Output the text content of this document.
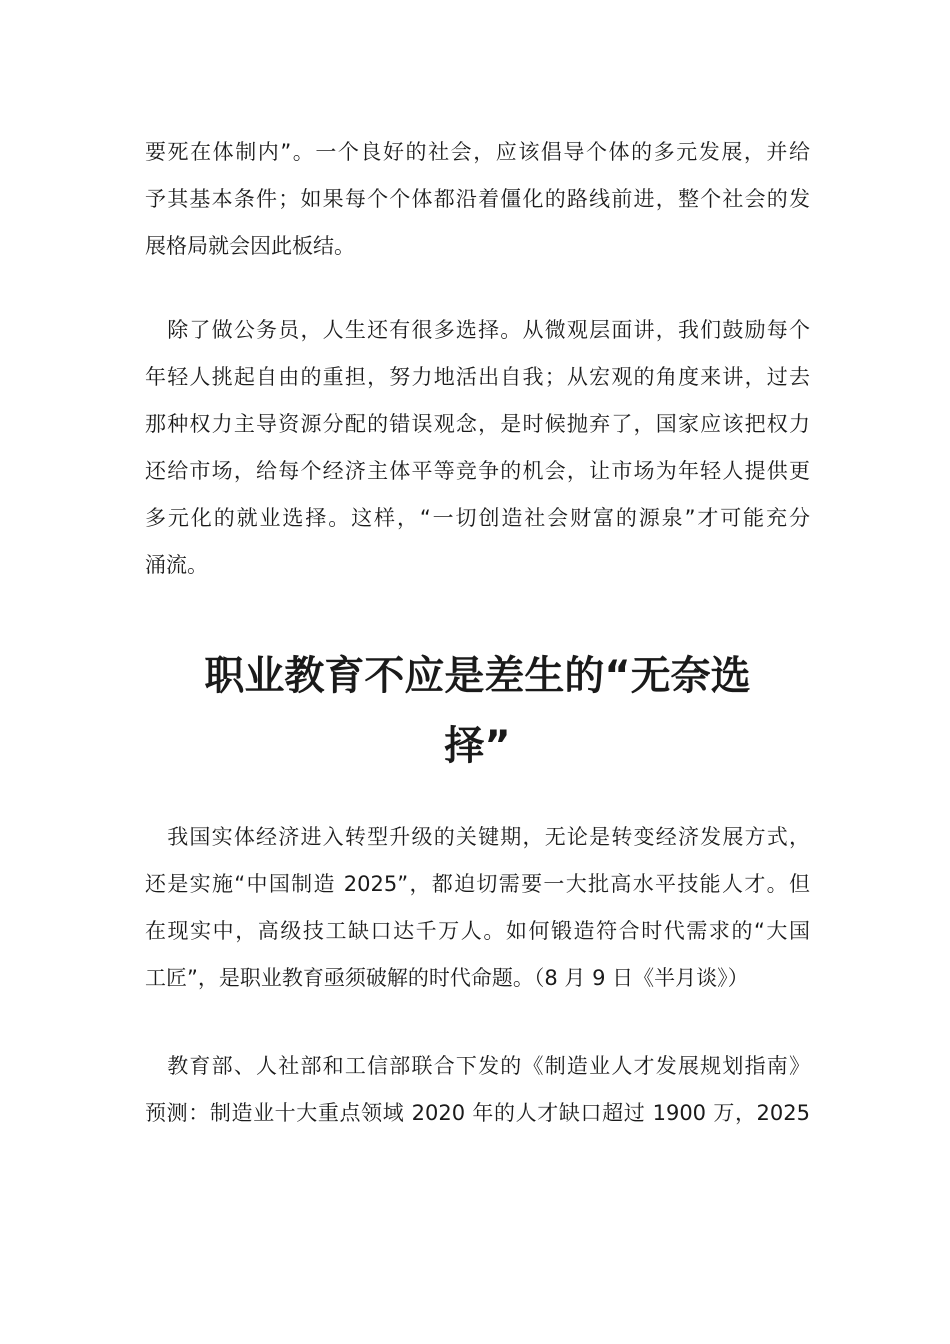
要死在体制内”。一个良好的社会，应该倡导个体的多元发展，并给
予其基本条件；如果每个个体都沿着僵化的路线前进，整个社会的发
展格局就会因此板结。
　除了做公务员，人生还有很多选择。从微观层面讲，我们鼓励每个
年轻人挑起自由的重担，努力地活出自我；从宏观的角度来讲，过去
那种权力主导资源分配的错误观念，是时候抛弃了，国家应该把权力
还给市场，给每个经济主体平等竞争的机会，让市场为年轻人提供更
多元化的就业选择。这样，“一切创造社会财富的源泉”才可能充分
涌流。
职业教育不应是差生的“无奈选
择”
　我国实体经济进入转型升级的关键期，无论是转变经济发展方式，
还是实施“中国制造 2025”，都迫切需要一大批高水平技能人才。但
在现实中，高级技工缺口达千万人。如何锻造符合时代需求的“大国
工匠”，是职业教育亟须破解的时代命题。（8 月 9 日《半月谈》）
　教育部、人社部和工信部联合下发的《制造业人才发展规划指南》
预测：制造业十大重点领域 2020 年的人才缺口超过 1900 万，2025
